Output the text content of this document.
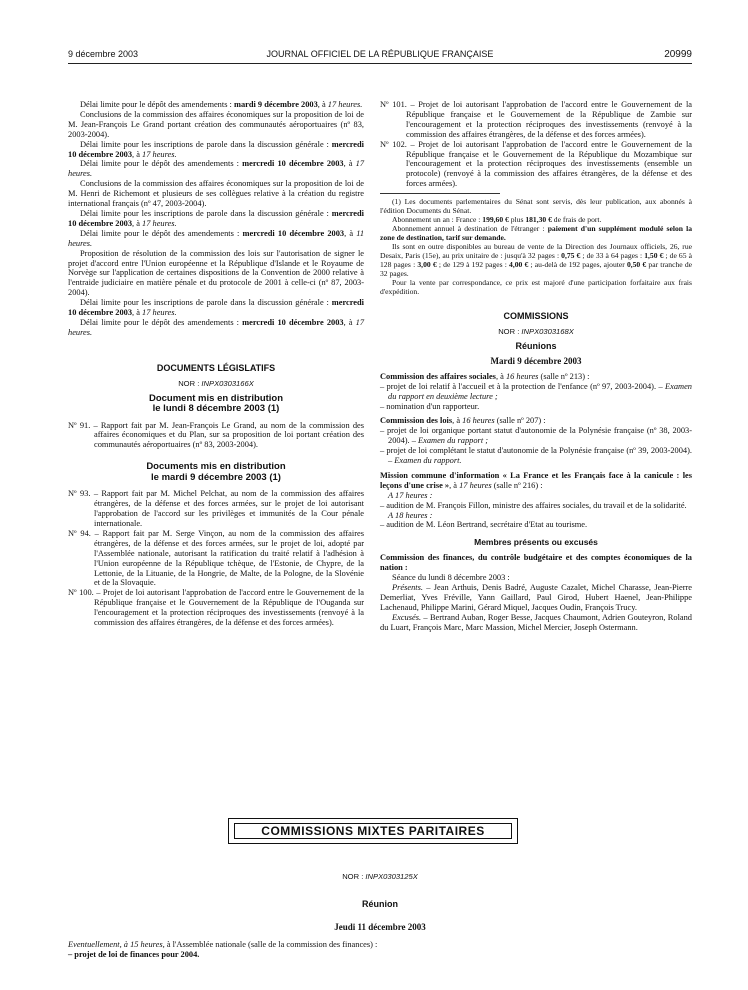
9 décembre 2003	JOURNAL OFFICIEL DE LA RÉPUBLIQUE FRANÇAISE	20999

Délai limite pour le dépôt des amendements : mardi 9 décembre 2003, à 17 heures.

Conclusions de la commission des affaires économiques sur la proposition de loi de M. Jean-François Le Grand portant création des communautés aéroportuaires (nº 83, 2003-2004).

Délai limite pour les inscriptions de parole dans la discussion générale : mercredi 10 décembre 2003, à 17 heures.

Délai limite pour le dépôt des amendements : mercredi 10 décembre 2003, à 17 heures.

Conclusions de la commission des affaires économiques sur la proposition de loi de M. Henri de Richemont et plusieurs de ses collègues relative à la création du registre international français (nº 47, 2003-2004).

Délai limite pour les inscriptions de parole dans la discussion générale : mercredi 10 décembre 2003, à 17 heures.

Délai limite pour le dépôt des amendements : mercredi 10 décembre 2003, à 11 heures.

Proposition de résolution de la commission des lois sur l'autorisation de signer le projet d'accord entre l'Union européenne et la République d'Islande et le Royaume de Norvège sur l'application de certaines dispositions de la Convention de 2000 relative à l'entraide judiciaire en matière pénale et du protocole de 2001 à celle-ci (nº 87, 2003-2004).

Délai limite pour les inscriptions de parole dans la discussion générale : mercredi 10 décembre 2003, à 17 heures.

Délai limite pour le dépôt des amendements : mercredi 10 décembre 2003, à 17 heures.

DOCUMENTS LÉGISLATIFS
NOR : INPX0303166X
Document mis en distribution
le lundi 8 décembre 2003 (1)

Nº 91. – Rapport fait par M. Jean-François Le Grand, au nom de la commission des affaires économiques et du Plan, sur sa proposition de loi portant création des communautés aéroportuaires (nº 83, 2003-2004).

Documents mis en distribution
le mardi 9 décembre 2003 (1)

Nº 93. – Rapport fait par M. Michel Pelchat, au nom de la commission des affaires étrangères, de la défense et des forces armées, sur le projet de loi autorisant l'approbation de l'accord sur les privilèges et immunités de la Cour pénale internationale.

Nº 94. – Rapport fait par M. Serge Vinçon, au nom de la commission des affaires étrangères, de la défense et des forces armées, sur le projet de loi, adopté par l'Assemblée nationale, autorisant la ratification du traité relatif à l'adhésion à l'Union européenne de la République tchèque, de l'Estonie, de Chypre, de la Lettonie, de la Lituanie, de la Hongrie, de Malte, de la Pologne, de la Slovénie et de la Slovaquie.

Nº 100. – Projet de loi autorisant l'approbation de l'accord entre le Gouvernement de la République française et le Gouvernement de la République de l'Ouganda sur l'encouragement et la protection réciproques des investissements (renvoyé à la commission des affaires étrangères, de la défense et des forces armées).

Nº 101. – Projet de loi autorisant l'approbation de l'accord entre le Gouvernement de la République française et le Gouvernement de la République de Zambie sur l'encouragement et la protection réciproques des investissements (renvoyé à la commission des affaires étrangères, de la défense et des forces armées).

Nº 102. – Projet de loi autorisant l'approbation de l'accord entre le Gouvernement de la République française et le Gouvernement de la République du Mozambique sur l'encouragement et la protection réciproques des investissements (ensemble un protocole) (renvoyé à la commission des affaires étrangères, de la défense et des forces armées).

(1) Les documents parlementaires du Sénat sont servis, dès leur publication, aux abonnés à l'édition Documents du Sénat.

Abonnement un an : France : 199,60 € plus 181,30 € de frais de port.

Abonnement annuel à destination de l'étranger : paiement d'un supplément modulé selon la zone de destination, tarif sur demande.

Ils sont en outre disponibles au bureau de vente de la Direction des Journaux officiels, 26, rue Desaix, Paris (15e), au prix unitaire de : jusqu'à 32 pages : 0,75 € ; de 33 à 64 pages : 1,50 € ; de 65 à 128 pages : 3,00 € ; de 129 à 192 pages : 4,00 € ; au-delà de 192 pages, ajouter 0,50 € par tranche de 32 pages.

Pour la vente par correspondance, ce prix est majoré d'une participation forfaitaire aux frais d'expédition.

COMMISSIONS
NOR : INPX0303168X
Réunions
Mardi 9 décembre 2003

Commission des affaires sociales, à 16 heures (salle nº 213) :

– projet de loi relatif à l'accueil et à la protection de l'enfance (nº 97, 2003-2004). – Examen du rapport en deuxième lecture ;

– nomination d'un rapporteur.

Commission des lois, à 16 heures (salle nº 207) :

– projet de loi organique portant statut d'autonomie de la Polynésie française (nº 38, 2003-2004). – Examen du rapport ;

– projet de loi complétant le statut d'autonomie de la Polynésie française (nº 39, 2003-2004). – Examen du rapport.

Mission commune d'information « La France et les Français face à la canicule : les leçons d'une crise », à 17 heures (salle nº 216) :

A 17 heures :

– audition de M. François Fillon, ministre des affaires sociales, du travail et de la solidarité.

A 18 heures :

– audition de M. Léon Bertrand, secrétaire d'Etat au tourisme.

Membres présents ou excusés

Commission des finances, du contrôle budgétaire et des comptes économiques de la nation :

Séance du lundi 8 décembre 2003 :

Présents. – Jean Arthuis, Denis Badré, Auguste Cazalet, Michel Charasse, Jean-Pierre Demerliat, Yves Fréville, Yann Gaillard, Paul Girod, Hubert Haenel, Jean-Philippe Lachenaud, Philippe Marini, Gérard Miquel, Jacques Oudin, François Trucy.

Excusés. – Bertrand Auban, Roger Besse, Jacques Chaumont, Adrien Gouteyron, Roland du Luart, François Marc, Marc Massion, Michel Mercier, Joseph Ostermann.

COMMISSIONS MIXTES PARITAIRES
NOR : INPX0303125X
Réunion
Jeudi 11 décembre 2003

Eventuellement, à 15 heures, à l'Assemblée nationale (salle de la commission des finances) :

– projet de loi de finances pour 2004.
